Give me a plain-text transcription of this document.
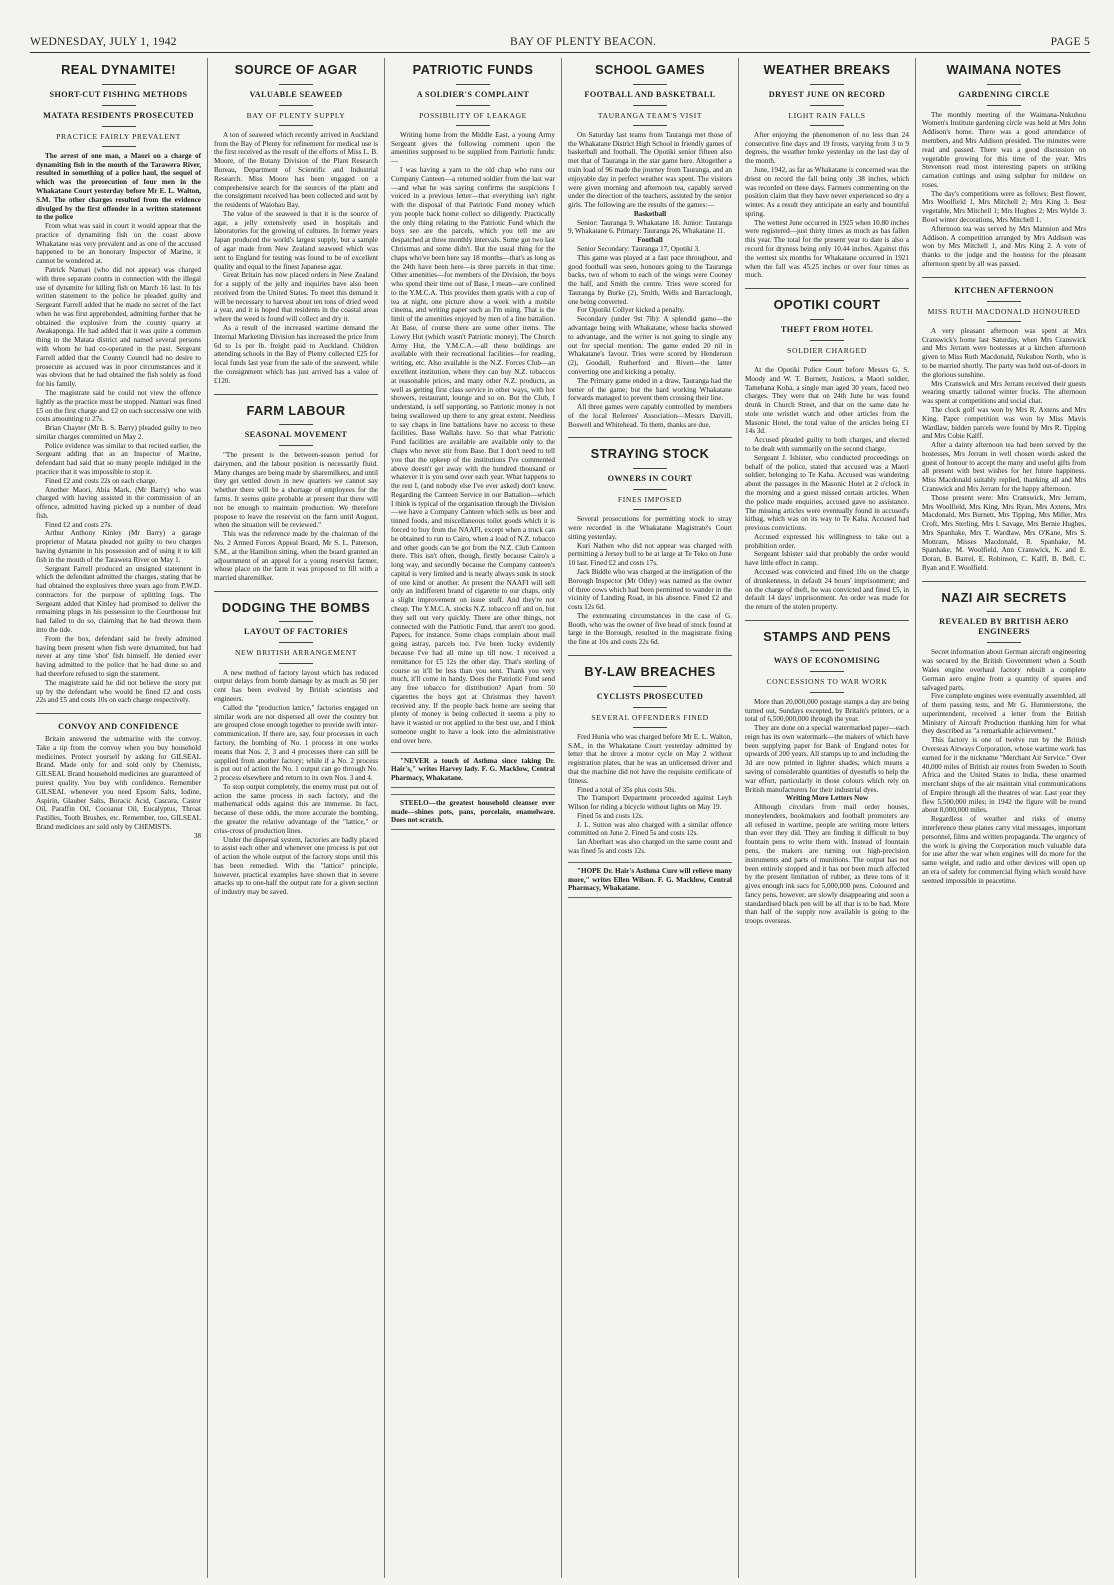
WEDNESDAY, JULY 1, 1942	BAY OF PLENTY BEACON.	PAGE 5
REAL DYNAMITE!
SHORT-CUT FISHING METHODS
MATATA RESIDENTS PROSECUTED
PRACTICE FAIRLY PREVALENT

The arrest of one man, a Maori on a charge of dynamiting fish in the mouth of the Tarawera River, resulted in something of a police haul, the sequel of which was the prosecution of four men in the Whakatane Court yesterday before Mr E. L. Walton, S.M. The other charges resulted from the evidence divulged by the first offender in a written statement to the police

From what was said in court it would appear that the practice of dynamiting fish on the coast above Whakatane was very prevalent and as one of the accused happened to be an honorary Inspector of Marine, it cannot be wondered at.

Patrick Namari (who did not appear) was charged with three separate counts in connection with the illegal use of dynamite for killing fish on March 16 last. In his written statement to the police he pleaded guilty and Sergeant Farrell added that he made no secret of the fact when he was first apprehended, admitting further that he obtained the explosive from the county quarry at Awakaponga. He had added that it was quite a common thing in the Matata district and named several persons with whom he had co-operated in the past. Sergeant Farrell added that the County Council had no desire to prosecute as accused was in poor circumstances and it was obvious that he had obtained the fish solely as food for his family.

The magistrate said he could not view the offence lightly as the practice must be stopped. Namari was fined £5 on the first charge and £2 on each successive one with costs amounting to 27s.

Brian Chayter (Mr B. S. Barry) pleaded guilty to two similar charges committed on May 2.

Police evidence was similar to that recited earlier, the Sergeant adding that as an Inspector of Marine, defendant had said that so many people indulged in the practice that it was impossible to stop it.

Fined £2 and costs 22s on each charge.

Another Maori, Abia Mark, (Mr Barry) who was charged with having assisted in the commission of an offence, admitted having picked up a number of dead fish.

Fined £2 and costs 27s.

Arthur Anthony Kinley (Mr Barry) a garage proprietor of Matata pleaded not guilty to two charges having dynamite in his possession and of using it to kill fish in the mouth of the Tarawera River on May 1.

Sergeant Farrell produced an unsigned statement in which the defendant admitted the charges, stating that he had obtained the explosives three years ago from P.W.D. contractors for the purpose of splitting logs. The Sergeant added that Kinley had promised to deliver the remaining plugs in his possession to the Courthouse but had failed to do so, claiming that he had thrown them into the tide.

From the box, defendant said he freely admitted having been present when fish were dynamited, but had never at any time 'shot' fish himself. He denied ever having admitted to the police that he had done so and had therefore refused to sign the statement.

The magistrate said he did not believe the story put up by the defendant who would be fined £2 and costs 22s and £5 and costs 10s on each charge respectively.

CONVOY AND CONFIDENCE

Britain answered the submarine with the convoy. Take a tip from the convoy when you buy household medicines. Protect yourself by asking for GILSEAL Brand. Made only for and sold only by Chemists, GILSEAL Brand household medicines are guaranteed of purest quality. You buy with confidence. Remember GILSEAL whenever you need Epsom Salts, Iodine, Aspirin, Glauber Salts, Boracic Acid, Cascara, Castor Oil, Paraffin Oil, Cocoanut Oil, Eucalyptus, Throat Pastilles, Tooth Brushes, etc. Remember, too, GILSEAL Brand medicines are sold only by CHEMISTS.

38
SOURCE OF AGAR
VALUABLE SEAWEED
BAY OF PLENTY SUPPLY

A ton of seaweed which recently arrived in Auckland from the Bay of Plenty for refinement for medical use is the first received as the result of the efforts of Miss L. B. Moore, of the Botany Division of the Plant Research Bureau, Department of Scientific and Industrial Research. Miss Moore has been engaged on a comprehensive search for the sources of the plant and the consignment received has been collected and sent by the residents of Waiohau Bay.

The value of the seaweed is that it is the source of agar, a jelly extensively used in hospitals and laboratories for the growing of cultures. In former years Japan produced the world's largest supply, but a sample of agar made from New Zealand seaweed which was sent to England for testing was found to be of excellent quality and equal to the finest Japanese agar.

Great Britain has now placed orders in New Zealand for a supply of the jelly and inquiries have also been received from the United States. To meet this demand it will be necessary to harvest about ten tons of dried weed a year, and it is hoped that residents in the coastal areas where the weed is found will collect and dry it.

As a result of the increased wartime demand the Internal Marketing Division has increased the price from 6d to 1s per lb. freight paid to Auckland. Children attending schools in the Bay of Plenty collected £25 for local funds last year from the sale of the seaweed, while the consignment which has just arrived has a value of £120.

FARM LABOUR
SEASONAL MOVEMENT

"The present is the between-season period for dairymen, and the labour position is necessarily fluid. Many changes are being made by sharemilkers, and until they get settled down in new quarters we cannot say whether there will be a shortage of employees for the farms. It seems quite probable at present that there will not be enough to maintain production. We therefore propose to leave the reservist on the farm until August, when the situation will be reviewed."

This was the reference made by the chairman of the No. 2 Armed Forces Appeal Board, Mr S. L. Paterson, S.M., at the Hamilton sitting, when the board granted an adjournment of an appeal for a young reservist farmer, whose place on the farm it was proposed to fill with a married sharemilker.

DODGING THE BOMBS
LAYOUT OF FACTORIES
NEW BRITISH ARRANGEMENT

A new method of factory layout which has reduced output delays from bomb damage by as much as 50 per cent has been evolved by British scientists and engineers.

Called the "production lattice," factories engaged on similar work are not dispersed all over the country but are grouped close enough together to provide swift inter-communication. If there are, say, four processes in each factory, the bombing of No. 1 process in one works means that Nos. 2, 3 and 4 processes there can still be supplied from another factory; while if a No. 2 process is put out of action the No. 1 output can go through No. 2 process elsewhere and return to its own Nos. 3 and 4.

To stop output completely, the enemy must put out of action the same process in each factory, and the mathematical odds against this are immense. In fact, because of these odds, the more accurate the bombing, the greater the relative advantage of the "lattice," or criss-cross of production lines.

Under the dispersal system, factories are badly placed to assist each other and whenever one process is put out of action the whole output of the factory stops until this has been remedied. With the "lattice" principle, however, practical examples have shown that in severe attacks up to one-half the output rate for a given section of industry may be saved.

PATRIOTIC FUNDS
A SOLDIER'S COMPLAINT
POSSIBILITY OF LEAKAGE

Writing home from the Middle East, a young Army Sergeant gives the following comment upon the amenities supposed to be supplied from Patriotic funds:—

I was having a yarn to the old chap who runs our Company Canteen—a returned soldier from the last war—and what he was saying confirms the suspicions I voiced in a previous letter—that everything isn't right with the disposal of that Patriotic Fund money which you people back home collect so diligently. Practically the only thing relating to the Patriotic Fund which the boys see are the parcels, which you tell me are despatched at three monthly intervals. Some got two last Christmas and some didn't. But the usual thing for the chaps who've been here say 18 months—that's as long as the 24th have been here—is three parcels in that time. Other amenities—for members of the Division, the boys who spend their time out of Base, I mean—are confined to the Y.M.C.A. This provides them gratis with a cup of tea at night, one picture show a week with a mobile cinema, and writing paper such as I'm using. That is the limit of the amenities enjoyed by men of a line battalion. At Base, of course there are some other items. The Lowry Hut (which wasn't Patriotic money). The Church Army Hut, the Y.M.C.A.—all these buildings are available with their recreational facilities—for reading, writing, etc. Also available is the N.Z. Forces Club—an excellent institution, where they can buy N.Z. tobaccos at reasonable prices, and many other N.Z. products, as well as getting first class service in other ways, with hot showers, restaurant, lounge and so on. But the Club, I understand, is self supporting, so Patriotic money is not being swallowed up there to any great extent. Needless to say chaps in line battalions have no access to these facilities. Base Wallahs have. So that what Patriotic Fund facilities are available are available only to the chaps who never stir from Base. But I don't need to tell you that the upkeep of the institutions I've commented above doesn't get away with the hundred thousand or whatever it is you send over each year. What happens to the rest I, (and nobody else I've ever asked) don't know. Regarding the Canteen Service in our Battalion—which I think is typical of the organisation through the Division—we have a Company Canteen which sells us beer and tinned foods, and miscellaneous toilet goods which it is forced to buy from the NAAFI, except when a truck can be obtained to run to Cairo, when a load of N.Z. tobacco and other goods can be got from the N.Z. Club Canteen there. This isn't often, though, firstly because Cairo's a long way, and secondly because the Company canteen's capital is very limited and is nearly always sunk in stock of one kind or another. At present the NAAFI will sell only an indifferent brand of cigarette to our chaps, only a slight improvement on issue stuff. And they're not cheap. The Y.M.C.A. stocks N.Z. tobacco off and on, but they sell out very quickly. There are other things, not connected with the Patriotic Fund, that aren't too good. Papers, for instance. Some chaps complain about mail going astray, parcels too. I've been lucky evidently because I've had all mine up till now. I received a remittance for £5 12s the other day. That's sterling of course so it'll be less than you sent. Thank you very much, it'll come in handy. Does the Patriotic Fund send any free tobacco for distribution? Apart from 50 cigarettes the boys got at Christmas they haven't received any. If the people back home are seeing that plenty of money is being collected it seems a pity to have it wasted or not applied to the best use, and I think someone ought to have a look into the administrative end over here.

"NEVER a touch of Asthma since taking Dr. Hair's," writes Harvey lady. F. G. Macklow, Central Pharmacy, Whakatane.

STEELO—the greatest household cleanser ever made—shines pots, pans, porcelain, enamelware. Does not scratch.

SCHOOL GAMES
FOOTBALL AND BASKETBALL
TAURANGA TEAM'S VISIT

On Saturday last teams from Tauranga met those of the Whakatane District High School in friendly games of basketball and football. The Opotiki senior fifteen also met that of Tauranga in the star game here. Altogether a train load of 96 made the journey from Tauranga, and an enjoyable day in perfect weather was spent. The visitors were given morning and afternoon tea, capably served under the direction of the teachers, assisted by the senior girls. The following are the results of the games:—

Basketball

Senior: Tauranga 9, Whakatane 18. Junior: Tauranga 9, Whakatane 6. Primary: Tauranga 26, Whakatane 11.

Football

Senior Secondary: Tauranga 17, Opotiki 3.

This game was played at a fast pace throughout, and good football was seen, honours going to the Tauranga backs, two of whom to each of the wings were Cooney the half, and Smith the centre. Tries were scored for Tauranga by Burke (2), Smith, Wells and Barraclough, one being converted.

For Opotiki Collyer kicked a penalty.

Secondary (under 9st 7lb): A splendid game—the advantage being with Whakatane, whose backs showed to advantage, and the writer is not going to single any out for special mention. The game ended 20 nil in Whakatane's favour. Tries were scored by Henderson (2), Goodall, Rutherford and Rivett—the latter converting one and kicking a penalty.

The Primary game ended in a draw, Tauranga had the better of the game; but the hard working Whakatane forwards managed to prevent them crossing their line.

All three games were capably controlled by members of the local Referees' Association—Messrs Darvill, Boswell and Whitehead. To them, thanks are due.

STRAYING STOCK
OWNERS IN COURT
FINES IMPOSED

Several prosecutions for permitting stock to stray were recorded in the Whakatane Magistrate's Court sitting yesterday.

Kuri Nathen who did not appear was charged with permitting a Jersey bull to be at large at Te Teko on June 10 last. Fined £2 and costs 17s.

Jack Biddle who was charged at the instigation of the Borough Inspector (Mr Otley) was named as the owner of three cows which had been permitted to wander in the vicinity of Landing Road, in his absence. Fined £2 and costs 12s 6d.

The extenuating circumstances in the case of G. Booth, who was the owner of five head of stock found at large in the Borough, resulted in the magistrate fixing the fine at 10s and costs 22s 6d.

BY-LAW BREACHES
CYCLISTS PROSECUTED
SEVERAL OFFENDERS FINED

Fred Hunia who was charged before Mr E. L. Walton, S.M., in the Whakatane Court yesterday admitted by letter that he drove a motor cycle on May 2 without registration plates, that he was an unlicensed driver and that the machine did not have the requisite certificate of fitness.

Fined a total of 35s plus costs 50s.

The Transport Department proceeded against Leyh Wilson for riding a bicycle without lights on May 19.

Fined 5s and costs 12s.

J. L. Sutton was also charged with a similar offence committed on June 2. Fined 5s and costs 12s.

Ian Aberhart was also charged on the same count and was fined 5s and costs 12s.

"HOPE Dr. Hair's Asthma Cure will relieve many more," writes Ellen Wilson. F. G. Macklow, Central Pharmacy, Whakatane.

WEATHER BREAKS
DRYEST JUNE ON RECORD
LIGHT RAIN FALLS

After enjoying the phenomenon of no less than 24 consecutive fine days and 19 frosts, varying from 3 to 9 degrees, the weather broke yesterday on the last day of the month.

June, 1942, as far as Whakatane is concerned was the driest on record the fall being only .38 inches, which was recorded on three days. Farmers commenting on the position claim that they have never experienced so dry a winter. As a result they anticipate an early and bountiful spring.

The wettest June occurred in 1925 when 10.80 inches were registered—just thirty times as much as has fallen this year. The total for the present year to date is also a record for dryness being only 10.44 inches. Against this the wettest six months for Whakatane occurred in 1921 when the fall was 45.25 inches or over four times as much.

OPOTIKI COURT
THEFT FROM HOTEL
SOLDIER CHARGED

At the Opotiki Police Court before Messrs G. S. Moody and W. T. Burnett, Justices, a Maori soldier, Tamehana Koha, a single man aged 30 years, faced two charges. They were that on 24th June he was found drunk in Church Street, and that on the same date he stole one wristlet watch and other articles from the Masonic Hotel, the total value of the articles being £1 14s 3d.

Accused pleaded guilty to both charges, and elected to be dealt with summarily on the second charge.

Sergeant J. Isbister, who conducted proceedings on behalf of the police, stated that accused was a Maori soldier, belonging to Te Kaha. Accused was wandering about the passages in the Masonic Hotel at 2 o'clock in the morning and a guest missed certain articles. When the police made enquiries, accused gave no assistance. The missing articles were eventually found in accused's kitbag, which was on its way to Te Kaha. Accused had previous convictions.

Accused expressed his willingness to take out a prohibition order.

Sergeant Isbister said that probably the order would have little effect in camp.

Accused was convicted and fined 10s on the charge of drunkenness, in default 24 hours' imprisonment; and on the charge of theft, he was convicted and fined £5, in default 14 days' imprisonment. An order was made for the return of the stolen property.

STAMPS AND PENS
WAYS OF ECONOMISING
CONCESSIONS TO WAR WORK

More than 20,000,000 postage stamps a day are being turned out, Sundays excepted, by Britain's printers, or a total of 6,500,000,000 through the year.

They are done on a special watermarked paper—each reign has its own watermark—the makers of which have been supplying paper for Bank of England notes for upwards of 200 years. All stamps up to and including the 3d are now printed in lighter shades, which means a saving of considerable quantities of dyestuffs to help the war effort, particularly in those colours which rely on British manufacturers for their industrial dyes.

Writing More Letters Now

Although circulars from mail order houses, moneylenders, bookmakers and football promoters are all refused in wartime, people are writing more letters than ever they did. They are finding it difficult to buy fountain pens to write them with. Instead of fountain pens, the makers are turning out high-precision instruments and parts of munitions. The output has not been entirely stopped and it has not been much affected by the present limitation of rubber, as three tons of it gives enough ink sacs for 5,000,000 pens. Coloured and fancy pens, however, are slowly disappearing and soon a standardised black pen will be all that is to be had. More than half of the supply now available is going to the troops overseas.

WAIMANA NOTES
GARDENING CIRCLE

The monthly meeting of the Waimana-Nukuhou Women's Institute gardening circle was held at Mrs John Addison's home. There was a good attendance of members, and Mrs Addison presided. The minutes were read and passed. There was a good discussion on vegetable growing for this time of the year. Mrs Stevenson read most interesting papers on striking carnation cuttings and using sulphur for mildew on roses.

The day's competitions were as follows: Best flower, Mrs Woolfield 1, Mrs Mitchell 2; Mrs King 3. Best vegetable, Mrs Mitchell 1; Mrs Hughes 2; Mrs Wylde 3. Bowl winter decorations, Mrs Mitchell 1.

Afternoon tea was served by Mrs Mannion and Mrs Addison. A competition arranged by Mrs Addison was won by Mrs Mitchell 1, and Mrs King 2. A vote of thanks to the judge and the hostess for the pleasant afternoon spent by all was passed.

KITCHEN AFTERNOON
MISS RUTH MACDONALD HONOURED

A very pleasant afternoon was spent at Mrs Cranswick's home last Saturday, when Mrs Cranswick and Mrs Jerram were hostesses at a kitchen afternoon given to Miss Ruth Macdonald, Nukuhou North, who is to be married shortly. The party was held out-of-doors in the glorious sunshine.

Mrs Cranswick and Mrs Jerram received their guests wearing smartly tailored winter frocks. The afternoon was spent at competitions and social chat.

The clock golf was won by Mrs R. Axtens and Mrs King. Paper competition was won by Miss Mavis Wardlaw, hidden parcels were found by Mrs R. Tipping and Mrs Cobie Kalff.

After a dainty afternoon tea had been served by the hostesses, Mrs Jerram in well chosen words asked the guest of honour to accept the many and useful gifts from all present with best wishes for her future happiness. Miss Macdonald suitably replied, thanking all and Mrs Cranswick and Mrs Jerram for the happy afternoon.

Those present were: Mrs Cranswick, Mrs Jerram, Mrs Woolfield, Mrs King, Mrs Ryan, Mrs Axtens, Mrs Macdonald, Mrs Burnett, Mrs Tipping, Mrs Miller, Mrs Croft, Mrs Sterling, Mrs I. Savage, Mrs Bernie Hughes, Mrs Spanhake, Mrs T. Wardlaw, Mrs O'Kane, Mrs S. Mottram, Misses Macdonald, R. Spanhake, M. Spanhake, M. Woolfield, Ann Cranswick, K. and E. Doran, B. Barrel, E. Robinson, C. Kalff, B. Bell, C. Ryan and F. Woolfield.

NAZI AIR SECRETS
REVEALED BY BRITISH AERO ENGINEERS

Secret information about German aircraft engineering was secured by the British Government when a South Wales engine overhaul factory rebuilt a complete German aero engine from a quantity of spares and salvaged parts.

Five complete engines were eventually assembled, all of them passing tests, and Mr G. Hummerstone, the superintendent, received a letter from the British Ministry of Aircraft Production thanking him for what they described as "a remarkable achievement."

This factory is one of twelve run by the British Overseas Airways Corporation, whose wartime work has earned for it the nickname "Merchant Air Service." Over 40,000 miles of British air routes from Sweden to South Africa and the United States to India, these unarmed merchant ships of the air maintain vital communications of Empire through all the theatres of war. Last year they flew 5,500,000 miles; in 1942 the figure will be round about 8,000,000 miles.

Regardless of weather and risks of enemy interference these planes carry vital messages, important personnel, films and written propaganda. The urgency of the work is giving the Corporation much valuable data for use after the war when engines will do more for the same weight, and radio and other devices will open up an era of safety for commercial flying which would have seemed impossible in peacetime.
